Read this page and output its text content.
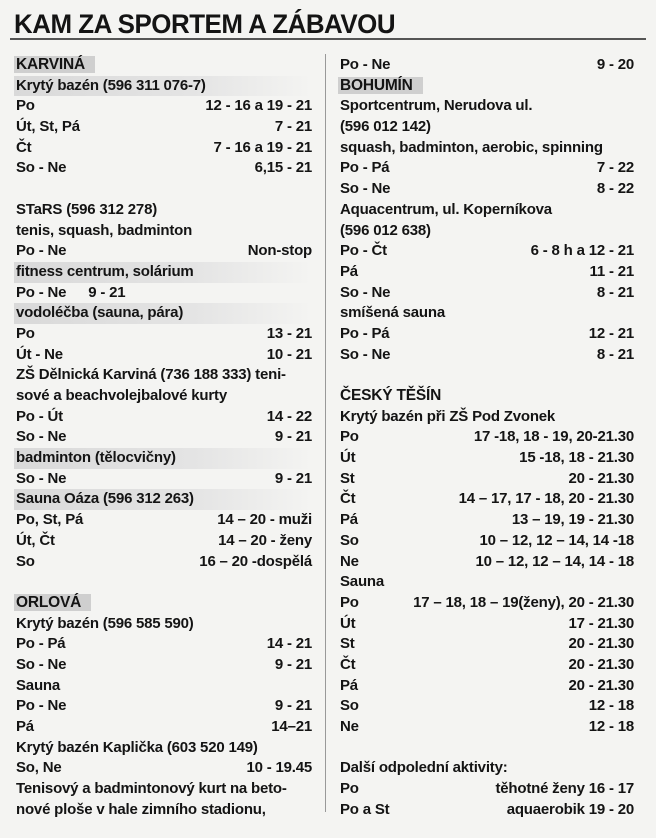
KAM ZA SPORTEM A ZÁBAVOU
KARVINÁ
Krytý bazén (596 311 076-7)
Po	12 - 16 a 19 - 21
Út, St, Pá	7 - 21
Čt	7 - 16 a 19 - 21
So - Ne	6,15 - 21
STaRS (596 312 278)
tenis, squash, badminton
Po - Ne	Non-stop
fitness centrum, solárium
Po - Ne 9 - 21
vodoléčba (sauna, pára)
Po	13 - 21
Út - Ne	10 - 21
ZŠ Dělnická Karviná (736 188 333) teni-
sové a beachvolejbalové kurty
Po - Út	14 - 22
So - Ne	9 - 21
badminton (tělocvičny)
So - Ne	9 - 21
Sauna Oáza (596 312 263)
Po, St, Pá	14 – 20 - muži
Út, Čt	14 – 20 - ženy
So	16 – 20 -dospělá
ORLOVÁ
Krytý bazén (596 585 590)
Po - Pá	14 - 21
So - Ne	9 - 21
Sauna
Po - Ne	9 - 21
Pá	14–21
Krytý bazén Kaplička (603 520 149)
So, Ne	10 - 19.45
Tenisový a badmintonový kurt na beto-
nové ploše v hale zimního stadionu,
Po - Ne	9 - 20
BOHUMÍN
Sportcentrum, Nerudova ul.
(596 012 142)
squash, badminton, aerobic, spinning
Po - Pá	7 - 22
So - Ne	8 - 22
Aquacentrum, ul. Koperníkova
(596 012 638)
Po - Čt	6 - 8 h a 12 - 21
Pá	11 - 21
So - Ne	8 - 21
smíšená sauna
Po - Pá	12 - 21
So - Ne	8 - 21
ČESKÝ TĚŠÍN
Krytý bazén při ZŠ Pod Zvonek
Po	17 -18, 18 - 19, 20-21.30
Út	15 -18, 18 - 21.30
St	20 - 21.30
Čt	14 – 17, 17 - 18, 20 - 21.30
Pá	13 – 19, 19 - 21.30
So	10 – 12, 12 – 14, 14 -18
Ne	10 – 12, 12 – 14, 14 - 18
Sauna
Po	17 – 18, 18 – 19(ženy), 20 - 21.30
Út	17 - 21.30
St	20 - 21.30
Čt	20 - 21.30
Pá	20 - 21.30
So	12 - 18
Ne	12 - 18
Další odpolední aktivity:
Po	těhotné ženy 16 - 17
Po a St	aquaerobik 19 - 20
